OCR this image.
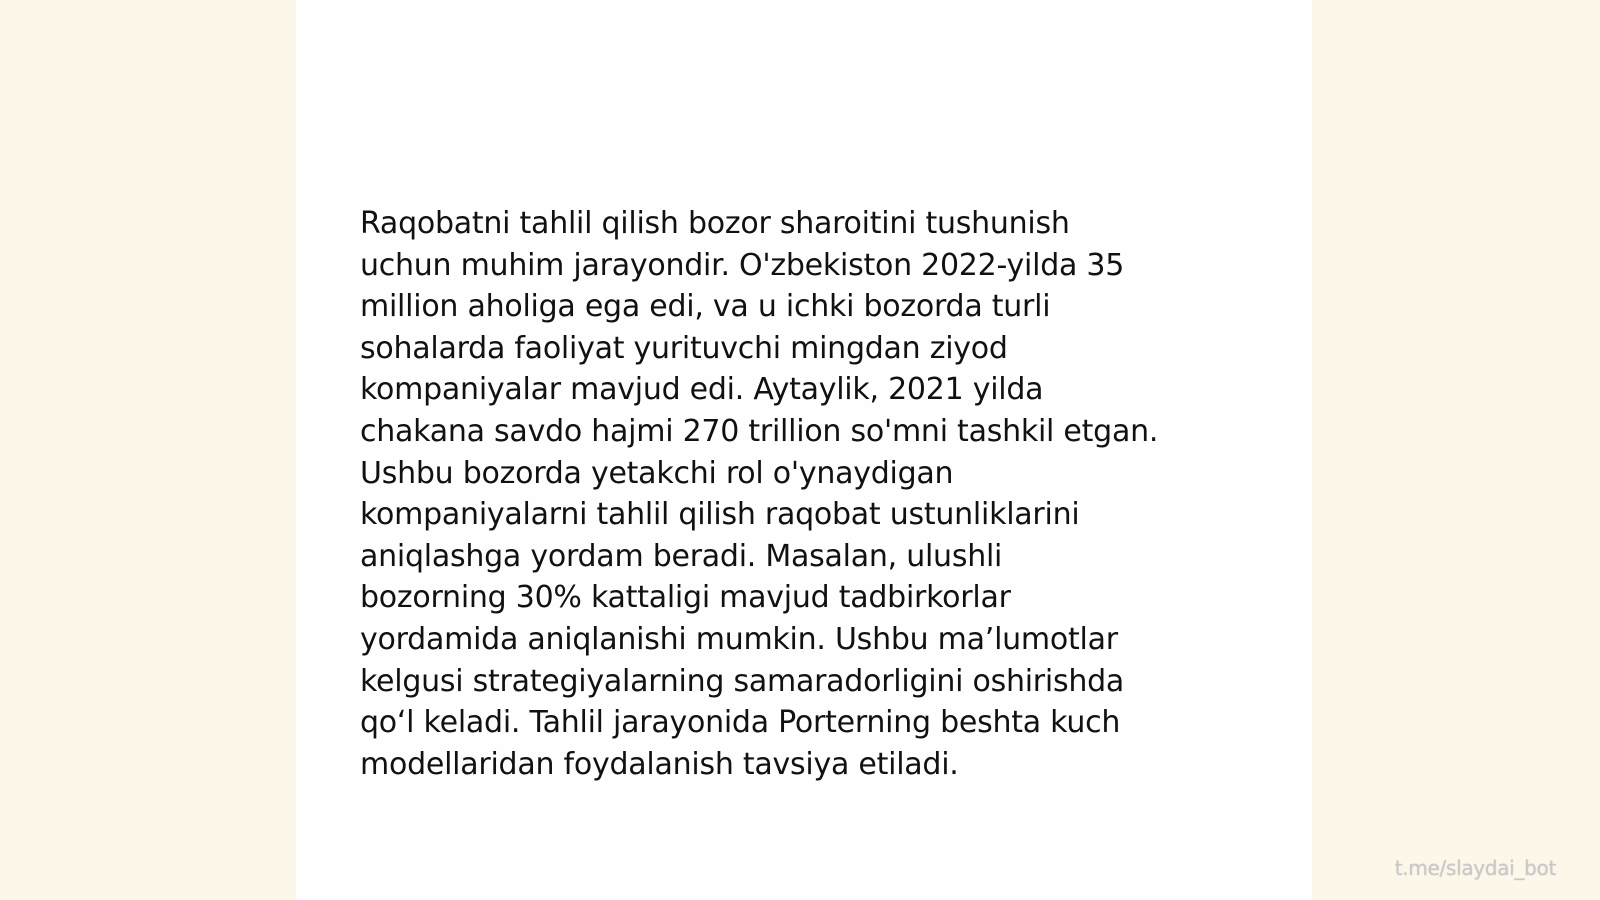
Raqobatni tahlil qilish bozor sharoitini tushunish
uchun muhim jarayondir. O'zbekiston 2022-yilda 35
million aholiga ega edi, va u ichki bozorda turli
sohalarda faoliyat yurituvchi mingdan ziyod
kompaniyalar mavjud edi. Aytaylik, 2021 yilda
chakana savdo hajmi 270 trillion so'mni tashkil etgan.
Ushbu bozorda yetakchi rol o'ynaydigan
kompaniyalarni tahlil qilish raqobat ustunliklarini
aniqlashga yordam beradi. Masalan, ulushli
bozorning 30% kattaligi mavjud tadbirkorlar
yordamida aniqlanishi mumkin. Ushbu ma’lumotlar
kelgusi strategiyalarning samaradorligini oshirishda
qo‘l keladi. Tahlil jarayonida Porterning beshta kuch
modellaridan foydalanish tavsiya etiladi.

t.me/slaydai_bot
